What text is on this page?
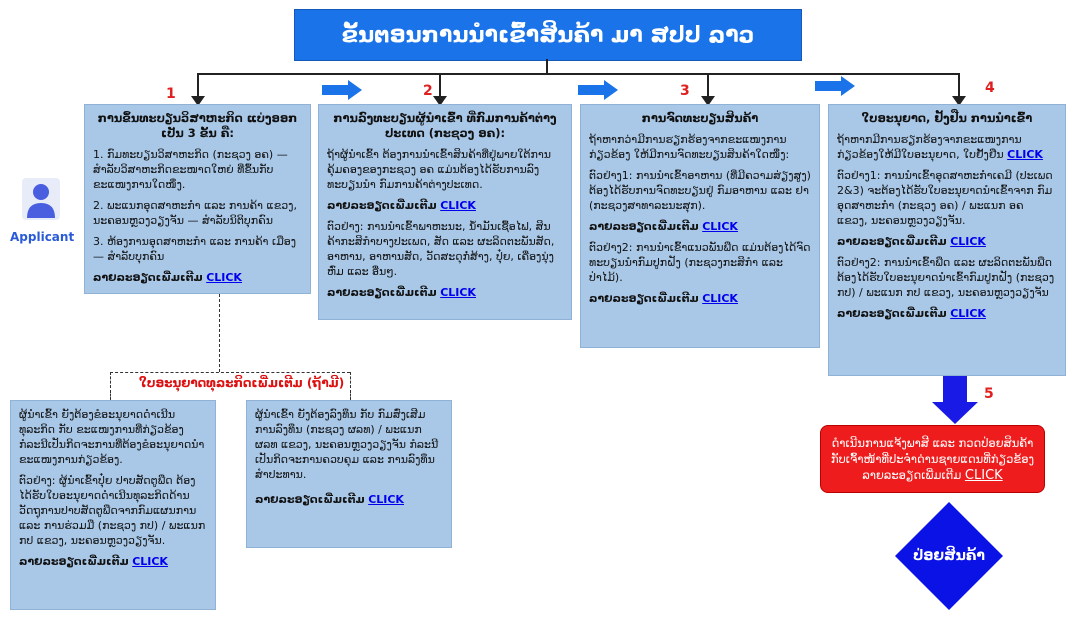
ຂັ້ນຕອນການນໍາເຂົ້າສິນຄ້າ ມາ ສປປ ລາວ
1	2	3	4
5
Applicant
ການຂຶ້ນທະບຽນວິສາຫະກິດ ແບ່ງອອກເປັນ 3 ຂັ້ນ ຄື:

1. ກົມທະບຽນວິສາຫະກິດ (ກະຊວງ ອຄ) — ສໍາລັບວິສາຫະກິດຂະໜາດໃຫຍ່ ທີ່ຂຶ້ນກັບ ຂະແໜງການໃດໜຶ່ງ.

2. ພະແນກອຸດສາຫະກໍາ ແລະ ການຄ້າ ແຂວງ, ນະຄອນຫຼວງວຽງຈັນ — ສໍາລັບນິຕິບຸກຄົນ

3. ຫ້ອງການອຸດສາຫະກໍາ ແລະ ການຄ້າ ເມືອງ — ສໍາລັບບຸກຄົນ

ລາຍລະອຽດເພີ່ມເຕີມ CLICK

ການລົງທະບຽນຜູ້ນໍາເຂົ້າ ທີ່ກົມການຄ້າຕ່າງປະເທດ (ກະຊວງ ອຄ):

ຖ້າຜູ້ນໍາເຂົ້າ ຕ້ອງການນໍາເຂົ້າສິນຄ້າທີ່ຢູ່ພາຍໃຕ້ການຄຸ້ມຄອງຂອງກະຊວງ ອຄ ແມ່ນຕ້ອງໄດ້ຮັບການລົງທະບຽນນໍາ ກົມການຄ້າຕ່າງປະເທດ.

ລາຍລະອຽດເພີ່ມເຕີມ CLICK

ຕົວຢ່າງ: ການນໍາເຂົ້າພາຫະນະ, ນໍ້າມັນເຊື້ອໄຟ, ສິນຄ້າກະສິກໍາບາງປະເພດ, ສັດ ແລະ ຜະລິດຕະພັນສັດ, ອາຫານ, ອາຫານສັດ, ວັດສະດຸກໍ່ສ້າງ, ປຸ໋ຍ, ເຄື່ອງນຸ່ງຫົ່ມ ແລະ ອື່ນໆ.

ລາຍລະອຽດເພີ່ມເຕີມ CLICK

ການຈົດທະບຽນສິນຄ້າ

ຖ້າຫາກວ່າມີການຮຽກຮ້ອງຈາກຂະແໜງການກ່ຽວຂ້ອງ ໃຫ້ມີການຈົດທະບຽນສິນຄ້າໃດໜຶ່ງ:

ຕົວຢ່າງ1: ການນໍາເຂົ້າອາຫານ (ທີ່ມີຄວາມສ່ຽງສູງ) ຕ້ອງໄດ້ຮັບການຈົດທະບຽນຢູ່ ກົມອາຫານ ແລະ ຢາ (ກະຊວງສາທາລະນະສຸກ).

ລາຍລະອຽດເພີ່ມເຕີມ CLICK

ຕົວຢ່າງ2: ການນໍາເຂົ້າແນວພັນພືດ ແມ່ນຕ້ອງໄດ້ຈົດທະບຽນນໍາກົມປູກຝັງ (ກະຊວງກະສິກໍາ ແລະ ປ່າໄມ້).

ລາຍລະອຽດເພີ່ມເຕີມ CLICK

ໃບອະນຸຍາດ, ຢັ້ງຢືນ ການນໍາເຂົ້າ

ຖ້າຫາກມີການຮຽກຮ້ອງຈາກຂະແໜງການກ່ຽວຂ້ອງໃຫ້ມີໃບອະນຸຍາດ, ໃບຢັ້ງຢືນ CLICK

ຕົວຢ່າງ1: ການນໍາເຂົ້າອຸດສາຫະກໍາເຄມີ (ປະເພດ 2&3) ຈະຕ້ອງໄດ້ຮັບໃບອະນຸຍາດນໍາເຂົ້າຈາກ ກົມອຸດສາຫະກໍາ (ກະຊວງ ອຄ) / ພະແນກ ອຄ ແຂວງ, ນະຄອນຫຼວງວຽງຈັນ.

ລາຍລະອຽດເພີ່ມເຕີມ CLICK

ຕົວຢ່າງ2: ການນໍາເຂົ້າພືດ ແລະ ຜະລິດຕະພັນພືດ ຕ້ອງໄດ້ຮັບໃບອະນຸຍາດນໍາເຂົ້າກົມປູກຝັງ (ກະຊວງ ກປ) / ພະແນກ ກປ ແຂວງ, ນະຄອນຫຼວງວຽງຈັນ

ລາຍລະອຽດເພີ່ມເຕີມ CLICK

ໃບອະນຸຍາດທຸລະກິດເພີ່ມເຕີມ (ຖ້າມີ)

ຜູ້ນໍາເຂົ້າ ຍັງຕ້ອງຂໍອະນຸຍາດດໍາເນີນທຸລະກິດ ກັບ ຂະແໜງການທີ່ກ່ຽວຂ້ອງ ກໍລະນີເປັນກິດຈະການທີ່ຕ້ອງຂໍອະນຸຍາດນໍາຂະແໜງການກ່ຽວຂ້ອງ.

ຕົວຢ່າງ: ຜູ້ນໍາເຂົ້າປຸ໋ຍ ປາບສັດຕູພືດ ຕ້ອງໄດ້ຮັບໃບອະນຸຍາດດໍາເນີນທຸລະກິດດ້ານວັດຖຸການປາບສັດຕູພືດຈາກກົມແຜນການ ແລະ ການຮ່ວມມື (ກະຊວງ ກປ) / ພະແນກ ກປ ແຂວງ, ນະຄອນຫຼວງວຽງຈັນ.

ລາຍລະອຽດເພີ່ມເຕີມ CLICK

ຜູ້ນໍາເຂົ້າ ຍັງຕ້ອງລົງທຶນ ກັບ ກົມສົ່ງເສີມການລົງທຶນ (ກະຊວງ ຜລທ) / ພະແນກ ຜລທ ແຂວງ, ນະຄອນຫຼວງວຽງຈັນ ກໍລະນີເປັນກິດຈະການຄວບຄຸມ ແລະ ການລົງທຶນສໍາປະທານ.

ລາຍລະອຽດເພີ່ມເຕີມ CLICK

ດໍາເນີນການແຈ້ງພາສີ ແລະ ກວດປ່ອຍສິນຄ້າ
ກັບເຈົ້າໜ້າທີ່ປະຈໍາດ່ານຊາຍແດນທີ່ກ່ຽວຂ້ອງ
ລາຍລະອຽດເພີ່ມເຕີມ CLICK
ປ່ອຍສິນຄ້າ
